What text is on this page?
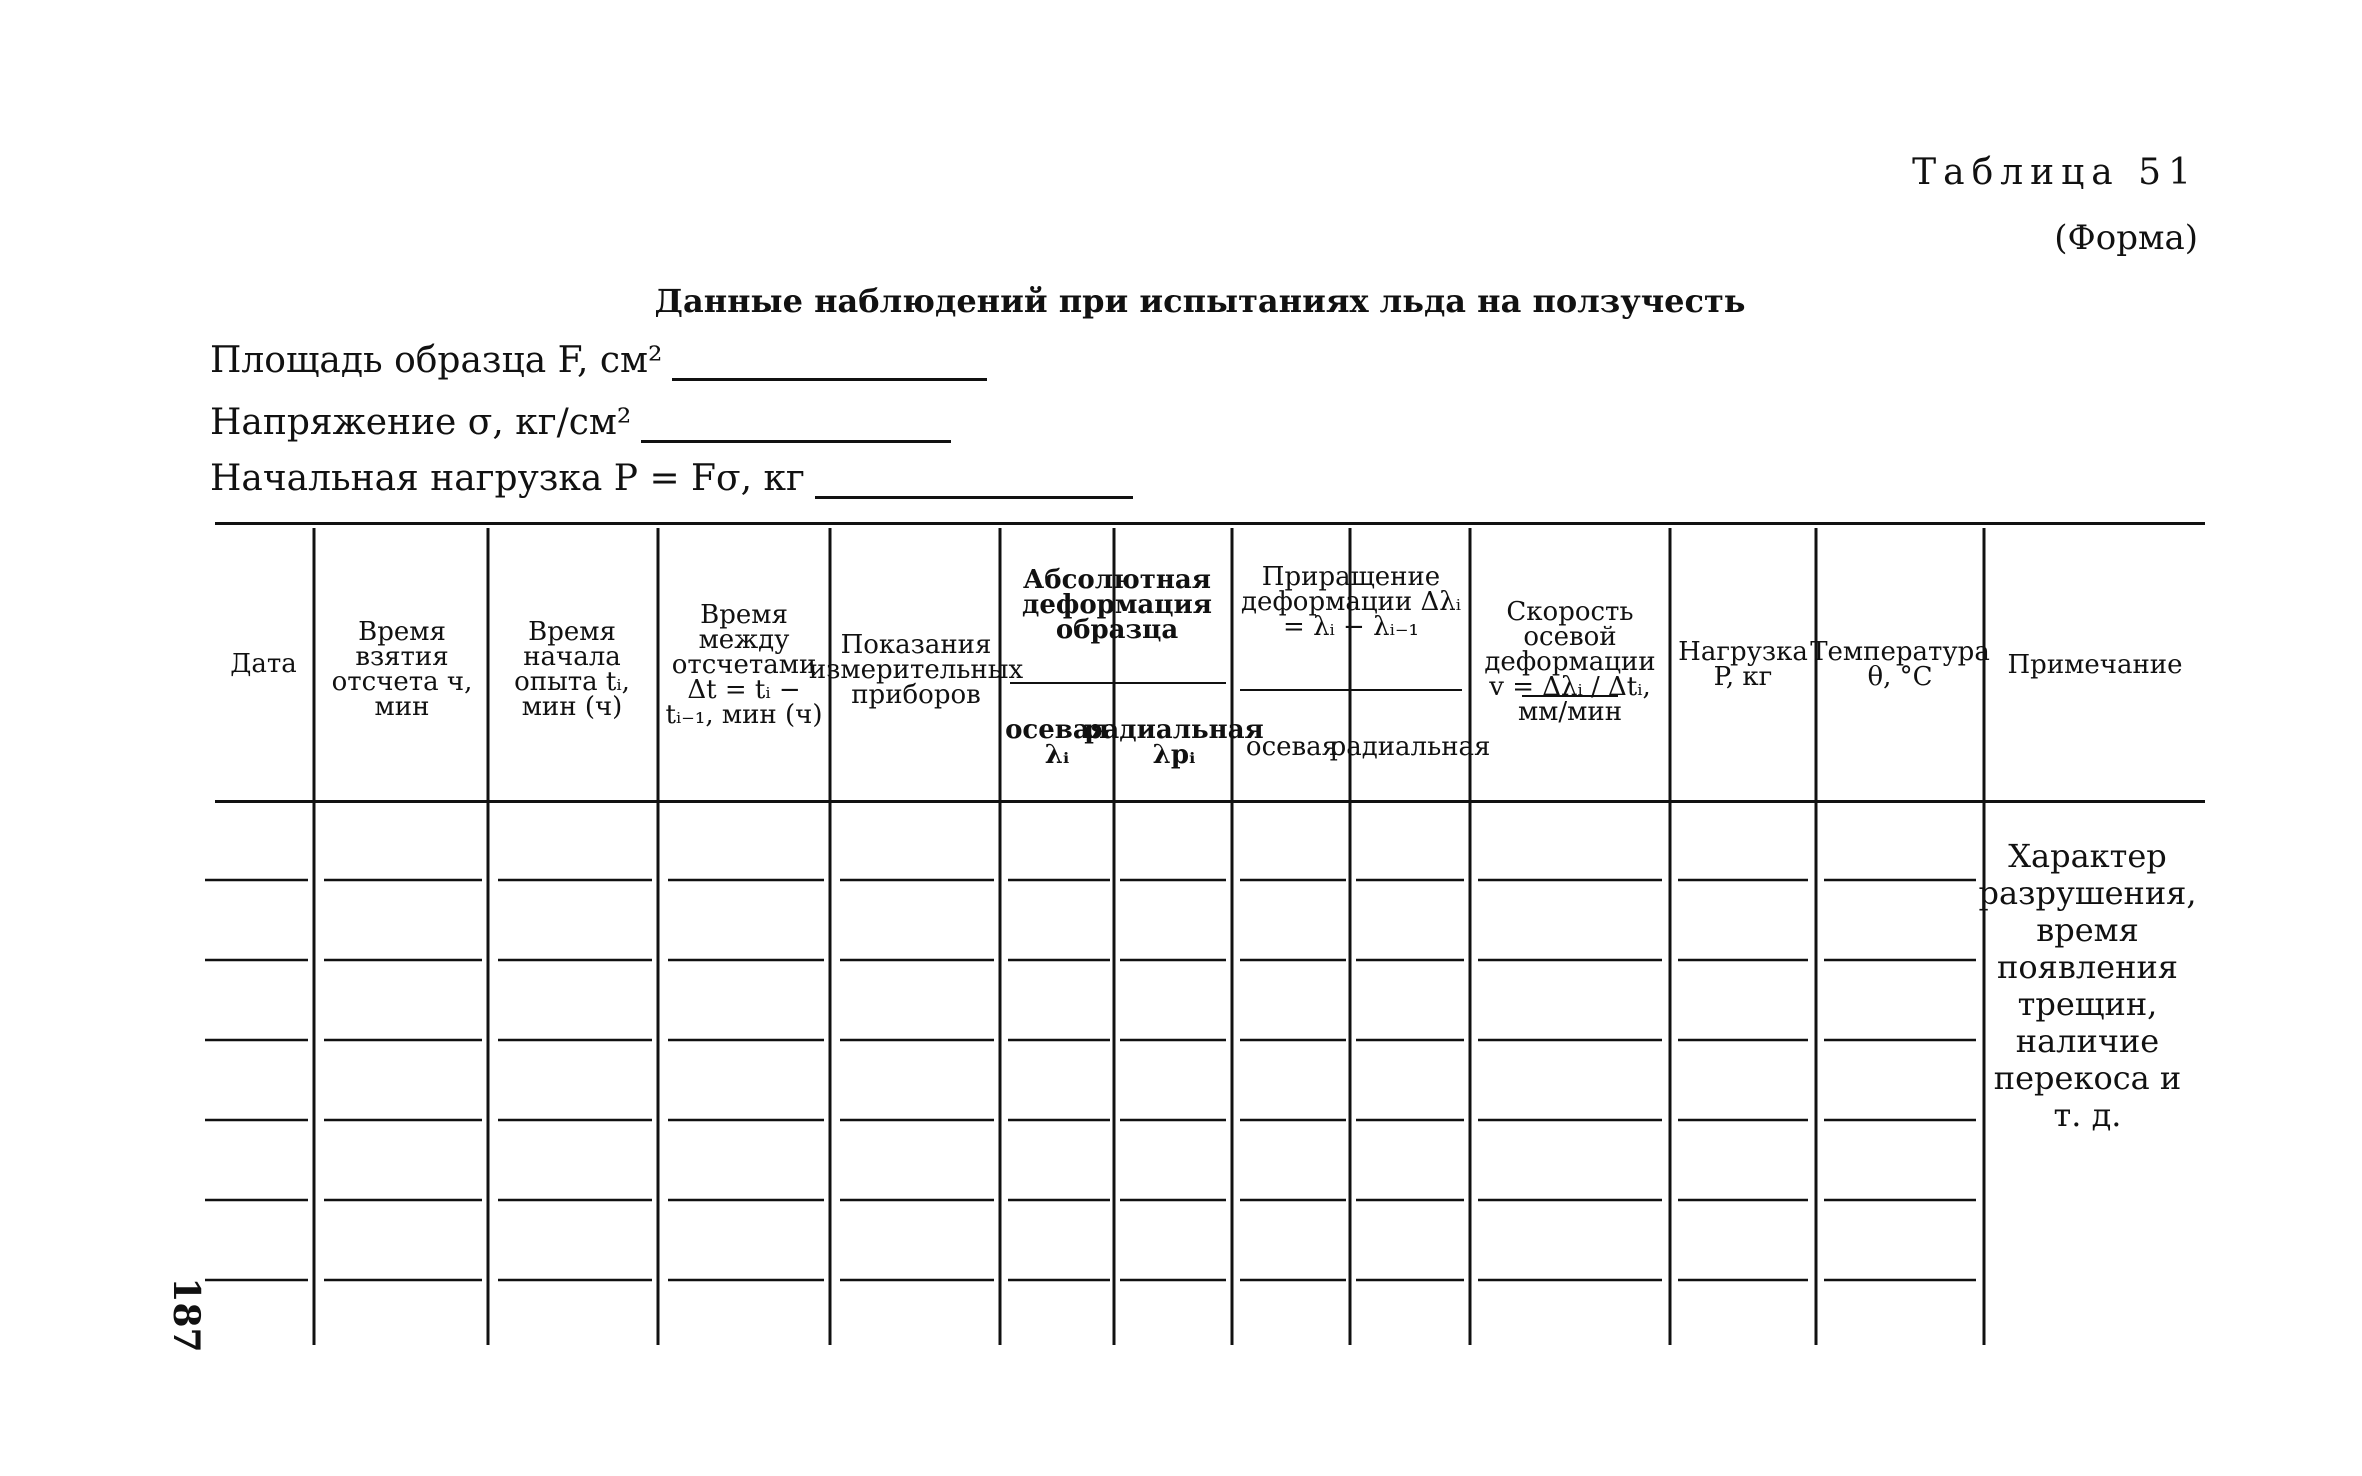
Таблица 51
(Форма)
Данные наблюдений при испытаниях льда на ползучесть
Площадь образца F, см²
Напряжение σ, кг/см²
Начальная нагрузка P = Fσ, кг
Дата
Время взятия отсчета ч, мин
Время начала опыта tᵢ, мин (ч)
Время между отсчетами Δt = tᵢ − tᵢ₋₁, мин (ч)
Показания измерительных приборов
Абсолютная деформация образца
осевая λᵢ
радиальная λpᵢ
Приращение деформации Δλᵢ = λᵢ − λᵢ₋₁
осевая
радиальная
Скорость осевой деформации v = Δλᵢ / Δtᵢ, мм/мин
Нагрузка P, кг
Температура θ, °C	Примечание
Характер разрушения, время появления трещин, наличие перекоса и т. д.
187
